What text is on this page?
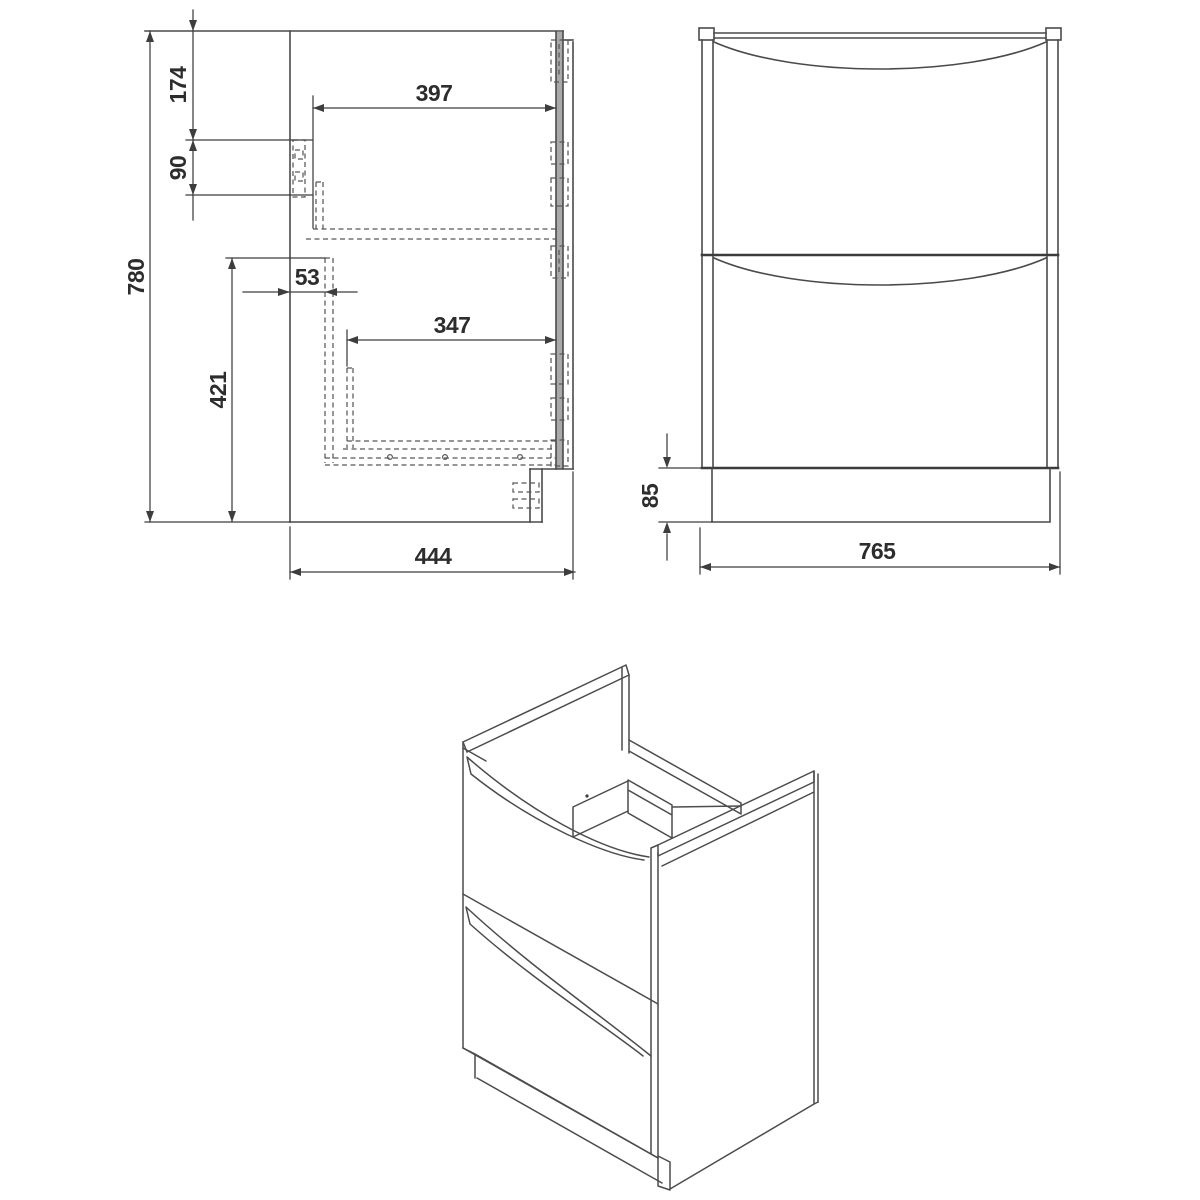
780
174
90
421
397
53
347
444
85
765
